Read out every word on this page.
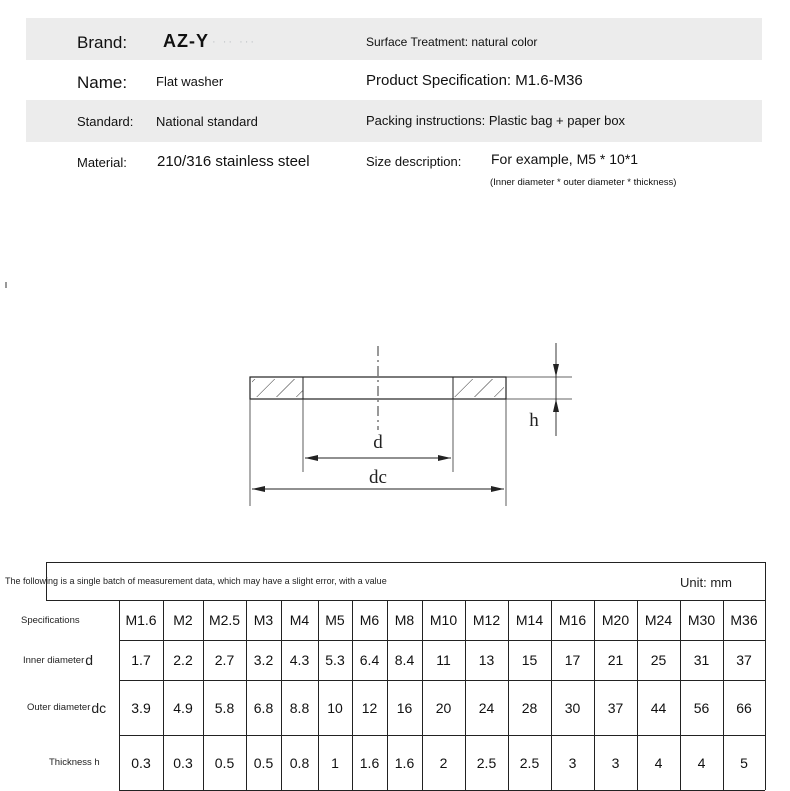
Brand: AZ-Y · ·· ···	Surface Treatment: natural color
Name: Flat washer	Product Specification: M1.6-M36
Standard: National standard	Packing instructions: Plastic bag + paper box
Material: 210/316 stainless steel	Size description: For example, M5 * 10*1
(Inner diameter * outer diameter * thickness)
d
dc
h
The following is a single batch of measurement data, which may have a slight error, with a value	Unit: mm
Specifications	M1.6	M2	M2.5 M3	M4	M5	M6	M8	M10	M12	M14	M16	M20	M24	M30	M36
Inner diameter d	1.7	2.2	2.7	3.2	4.3	5.3	6.4	8.4	11	13	15	17	21	25	31	37
Outer diameter dc	3.9	4.9	5.8	6.8	8.8	10	12	16	20	24	28	30	37	44	56	66
Thickness h	0.3	0.3	0.5	0.5	0.8	1	1.6	1.6	2	2.5	2.5	3	3	4	4	5
